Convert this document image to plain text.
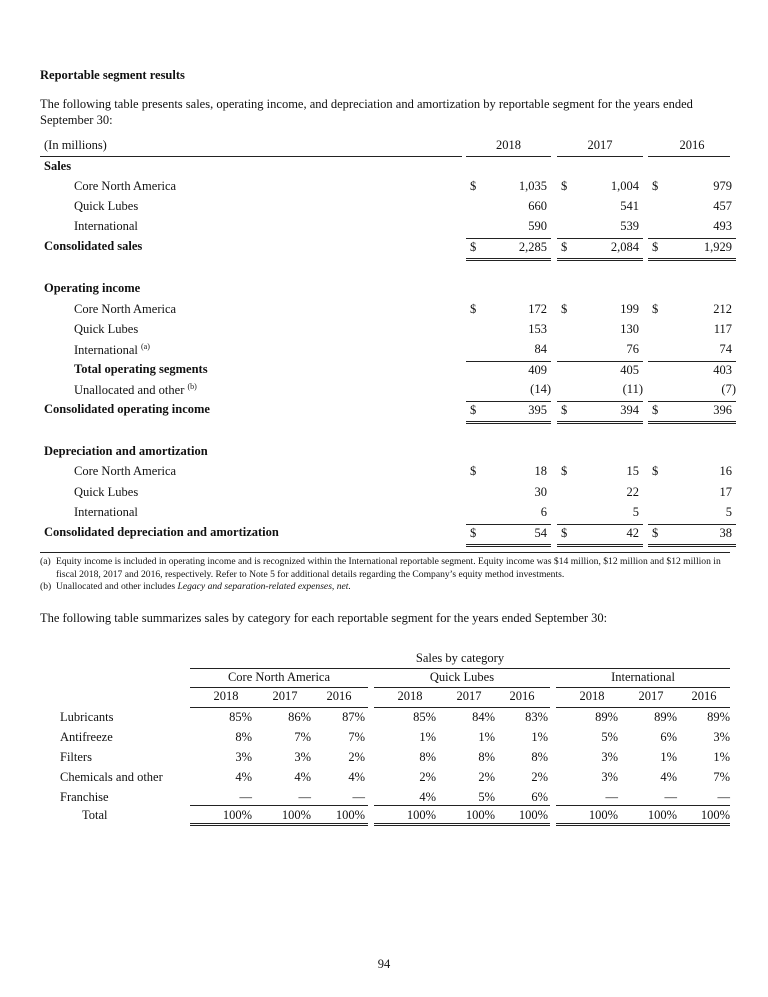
Reportable segment results
The following table presents sales, operating income, and depreciation and amortization by reportable segment for the years ended September 30:
(In millions)	2018	2017	2016
Sales
Core North America	$	1,035 $	1,004 $	979
Quick Lubes	660	541	457
International	590	539	493
Consolidated sales	$	2,285 $	2,084 $	1,929
Operating income
Core North America	$	172 $	199 $	212
Quick Lubes	153	130	117
International $^{(a)}$	84	76	74
Total operating segments	409	405	403
Unallocated and other $^{(b)}$	(14)	(11)	(7)
Consolidated operating income	$	395 $	394 $	396
Depreciation and amortization
Core North America	$	18 $	15 $	16
Quick Lubes	30	22	17
International	6	5	5
Consolidated depreciation and amortization	$	54 $	42 $	38
(a) Equity income is included in operating income and is recognized within the International reportable segment. Equity income was $14 million, $12 million and $12 million in fiscal 2018, 2017 and 2016, respectively. Refer to Note 5 for additional details regarding the Company’s equity method investments.
(b) Unallocated and other includes Legacy and separation-related expenses, net.
The following table summarizes sales by category for each reportable segment for the years ended September 30:
Sales by category
Core North America	Quick Lubes	International
2018	2017	2016	2018	2017	2016	2018	2017	2016
Lubricants	85%	86%	87%	85%	84%	83%	89%	89%	89%
Antifreeze	8%	7%	7%	1%	1%	1%	5%	6%	3%
Filters	3%	3%	2%	8%	8%	8%	3%	1%	1%
Chemicals and other	4%	4%	4%	2%	2%	2%	3%	4%	7%
Franchise	—	—	—	4%	5%	6%	—	—	—
Total	100%	100%	100%	100%	100%	100%	100%	100%	100%
94
